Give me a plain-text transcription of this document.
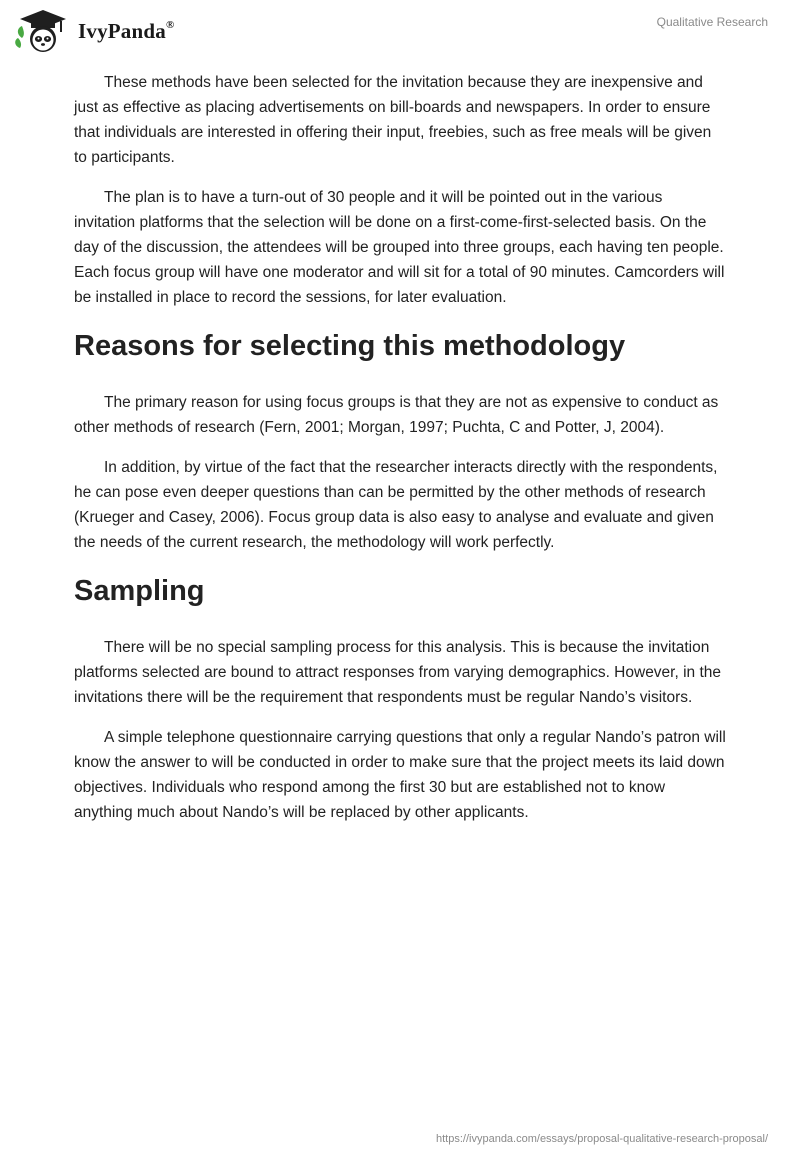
IvyPanda®	Qualitative Research

These methods have been selected for the invitation because they are inexpensive and just as effective as placing advertisements on bill-boards and newspapers. In order to ensure that individuals are interested in offering their input, freebies, such as free meals will be given to participants.

The plan is to have a turn-out of 30 people and it will be pointed out in the various invitation platforms that the selection will be done on a first-come-first-selected basis. On the day of the discussion, the attendees will be grouped into three groups, each having ten people. Each focus group will have one moderator and will sit for a total of 90 minutes. Camcorders will be installed in place to record the sessions, for later evaluation.

Reasons for selecting this methodology

The primary reason for using focus groups is that they are not as expensive to conduct as other methods of research (Fern, 2001; Morgan, 1997; Puchta, C and Potter, J, 2004).

In addition, by virtue of the fact that the researcher interacts directly with the respondents, he can pose even deeper questions than can be permitted by the other methods of research (Krueger and Casey, 2006). Focus group data is also easy to analyse and evaluate and given the needs of the current research, the methodology will work perfectly.

Sampling

There will be no special sampling process for this analysis. This is because the invitation platforms selected are bound to attract responses from varying demographics. However, in the invitations there will be the requirement that respondents must be regular Nando’s visitors.

A simple telephone questionnaire carrying questions that only a regular Nando’s patron will know the answer to will be conducted in order to make sure that the project meets its laid down objectives. Individuals who respond among the first 30 but are established not to know anything much about Nando’s will be replaced by other applicants.

https://ivypanda.com/essays/proposal-qualitative-research-proposal/
